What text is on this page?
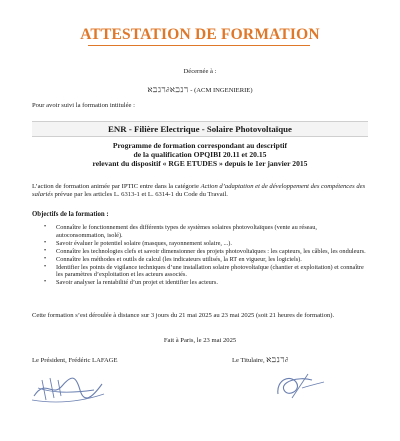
ATTESTATION DE FORMATION
Décernée à :
ℵℶℷℸ∂ℵℶℷℸ - (ACM INGENIERIE)
Pour avoir suivi la formation intitulée :
ENR - Filière Electrique - Solaire Photovoltaïque
Programme de formation correspondant au descriptif
de la qualification OPQIBI 20.11 et 20.15
relevant du dispositif « RGE ETUDES » depuis le 1er janvier 2015
L’action de formation animée par IPTIC entre dans la catégorie Action d’adaptation et de développement des compétences des salariés prévue par les articles L. 6313-1 et L. 6314-1 du Code du Travail.
Objectifs de la formation :
• Connaître le fonctionnement des différents types de systèmes solaires photovoltaïques (vente au réseau, autoconsommation, isolé).
• Savoir évaluer le potentiel solaire (masques, rayonnement solaire, ...).
• Connaître les technologies clefs et savoir dimensionner des projets photovoltaïques : les capteurs, les câbles, les onduleurs.
• Connaître les méthodes et outils de calcul (les indicateurs utilisés, la RT en vigueur, les logiciels).
• Identifier les points de vigilance techniques d’une installation solaire photovoltaïque (chantier et exploitation) et connaître les paramètres d’exploitation et les acteurs associés.
• Savoir analyser la rentabilité d’un projet et identifier les acteurs.
Cette formation s’est déroulée à distance sur 3 jours du 21 mai 2025 au 23 mai 2025 (soit 21 heures de formation).
Fait à Paris, le 23 mai 2025
Le Président, Frédéric LAFAGE	Le Titulaire, ℵℶℷℸ∂
